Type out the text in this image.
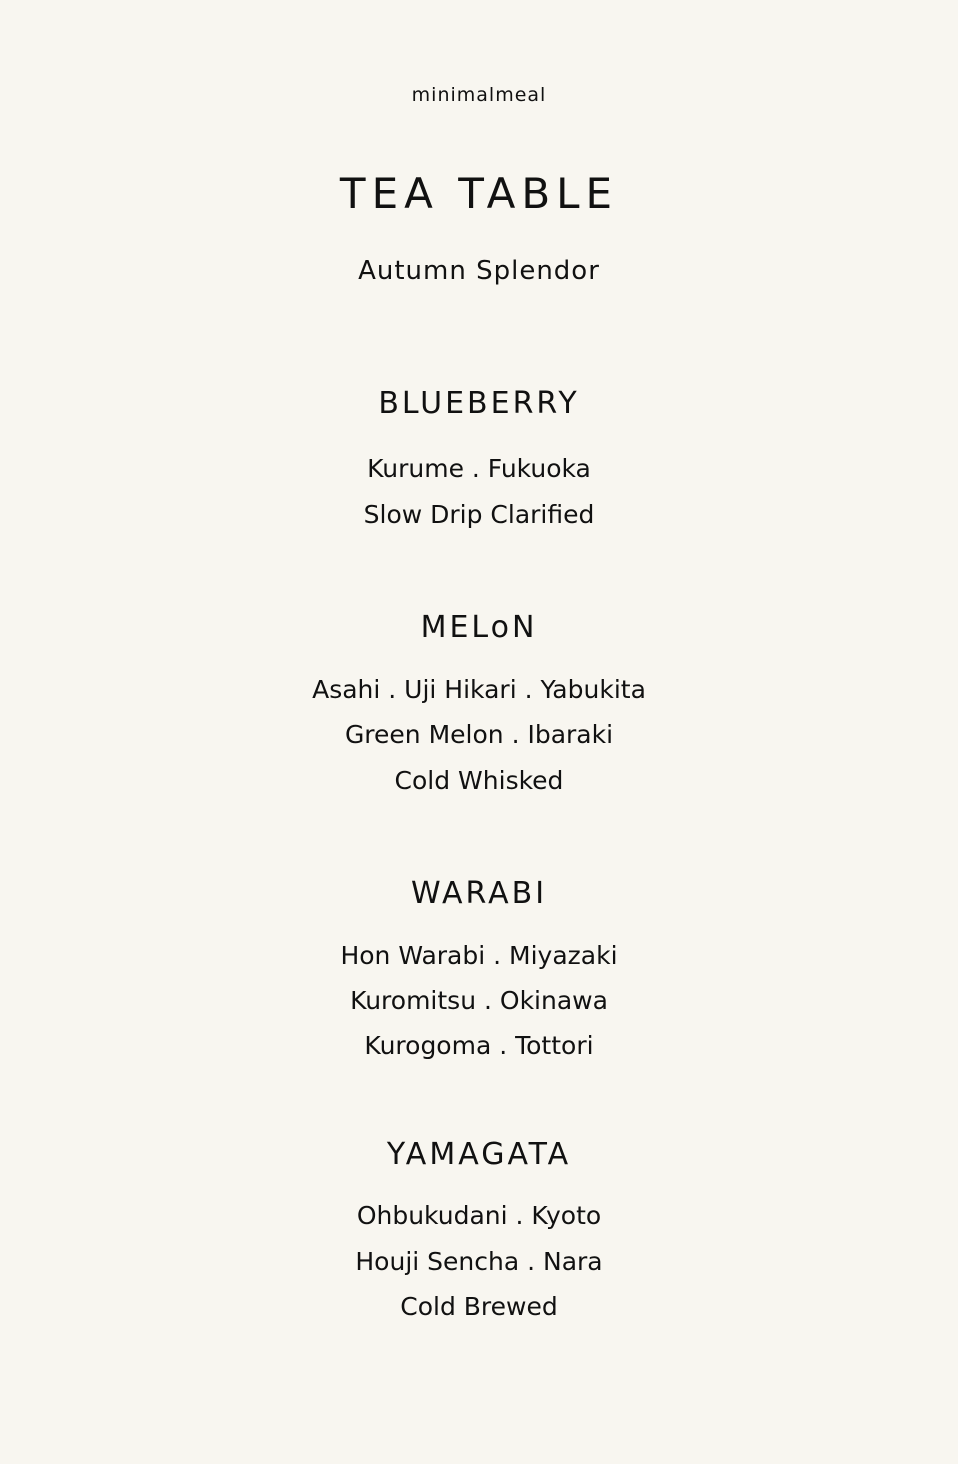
minimalmeal
TEA TABLE
Autumn Splendor
BLUEBERRY
Kurume . Fukuoka
Slow Drip Clarified
MELoN
Asahi . Uji Hikari . Yabukita
Green Melon . Ibaraki
Cold Whisked
WARABI
Hon Warabi . Miyazaki
Kuromitsu . Okinawa
Kurogoma . Tottori
YAMAGATA
Ohbukudani . Kyoto
Houji Sencha . Nara
Cold Brewed
